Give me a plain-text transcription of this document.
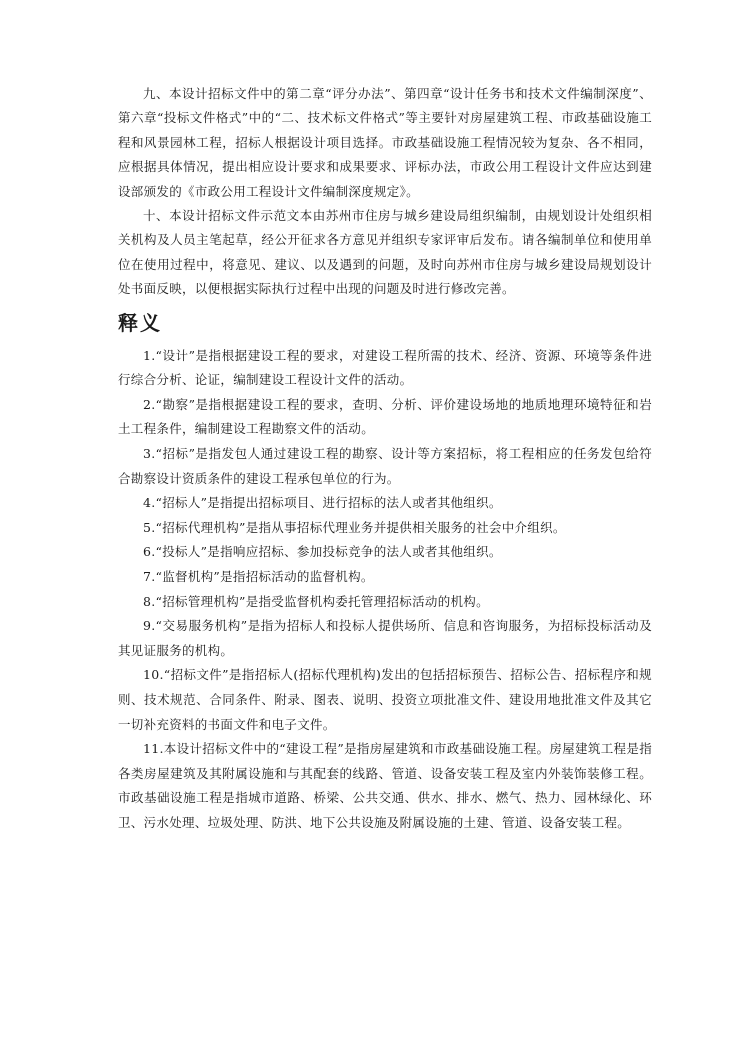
九、本设计招标文件中的第二章“评分办法”、第四章“设计任务书和技术文件编制深度”、第六章“投标文件格式”中的“二、技术标文件格式”等主要针对房屋建筑工程、市政基础设施工程和风景园林工程，招标人根据设计项目选择。市政基础设施工程情况较为复杂、各不相同，应根据具体情况，提出相应设计要求和成果要求、评标办法，市政公用工程设计文件应达到建设部颁发的《市政公用工程设计文件编制深度规定》。

十、本设计招标文件示范文本由苏州市住房与城乡建设局组织编制，由规划设计处组织相关机构及人员主笔起草，经公开征求各方意见并组织专家评审后发布。请各编制单位和使用单位在使用过程中，将意见、建议、以及遇到的问题，及时向苏州市住房与城乡建设局规划设计处书面反映，以便根据实际执行过程中出现的问题及时进行修改完善。

释义

1.“设计”是指根据建设工程的要求，对建设工程所需的技术、经济、资源、环境等条件进行综合分析、论证，编制建设工程设计文件的活动。

2.“勘察”是指根据建设工程的要求，查明、分析、评价建设场地的地质地理环境特征和岩土工程条件，编制建设工程勘察文件的活动。

3.“招标”是指发包人通过建设工程的勘察、设计等方案招标，将工程相应的任务发包给符合勘察设计资质条件的建设工程承包单位的行为。

4.“招标人”是指提出招标项目、进行招标的法人或者其他组织。

5.“招标代理机构”是指从事招标代理业务并提供相关服务的社会中介组织。

6.“投标人”是指响应招标、参加投标竞争的法人或者其他组织。

7.“监督机构”是指招标活动的监督机构。

8.“招标管理机构”是指受监督机构委托管理招标活动的机构。

9.“交易服务机构”是指为招标人和投标人提供场所、信息和咨询服务，为招标投标活动及其见证服务的机构。

10.“招标文件”是指招标人(招标代理机构)发出的包括招标预告、招标公告、招标程序和规则、技术规范、合同条件、附录、图表、说明、投资立项批准文件、建设用地批准文件及其它一切补充资料的书面文件和电子文件。

11.本设计招标文件中的“建设工程”是指房屋建筑和市政基础设施工程。房屋建筑工程是指各类房屋建筑及其附属设施和与其配套的线路、管道、设备安装工程及室内外装饰装修工程。市政基础设施工程是指城市道路、桥梁、公共交通、供水、排水、燃气、热力、园林绿化、环卫、污水处理、垃圾处理、防洪、地下公共设施及附属设施的土建、管道、设备安装工程。
